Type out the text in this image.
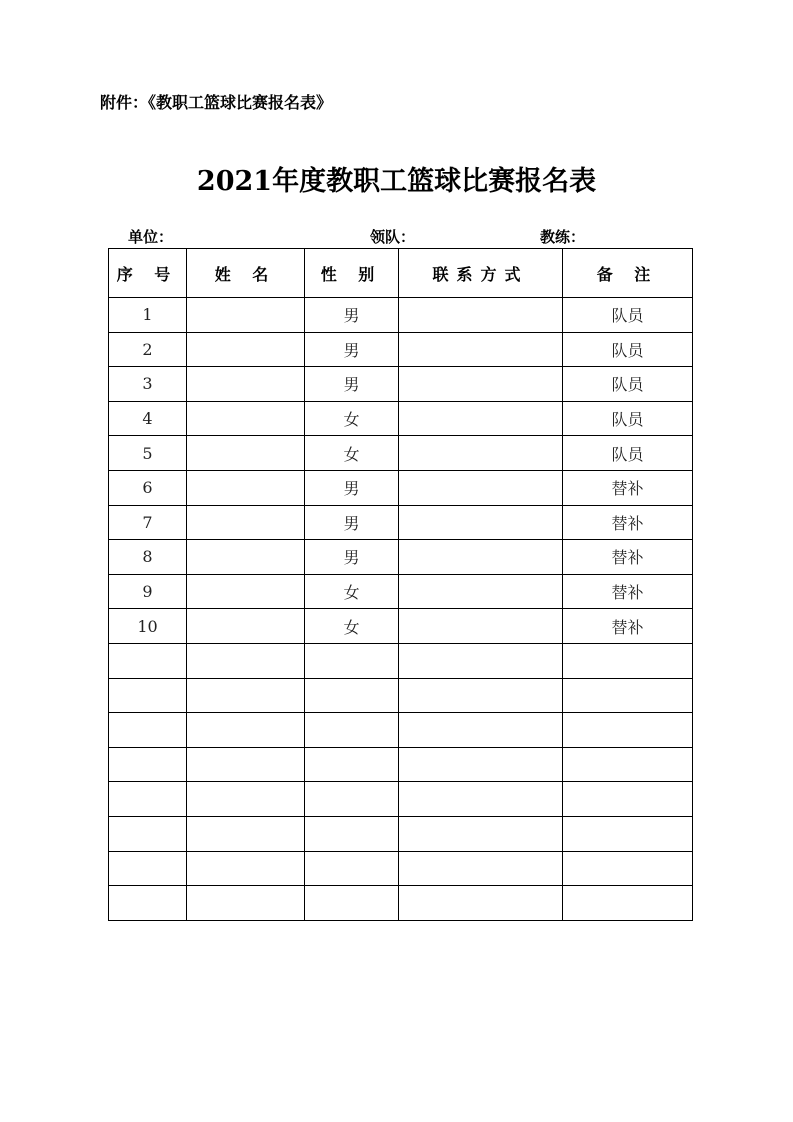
附件：《教职工篮球比赛报名表》
2021年度教职工篮球比赛报名表
单位：	领队：	教练：
序 号	姓 名	性 别	联系方式	备 注
1		男		队员
2		男		队员
3		男		队员
4		女		队员
5		女		队员
6		男		替补
7		男		替补
8		男		替补
9		女		替补
10		女		替补
